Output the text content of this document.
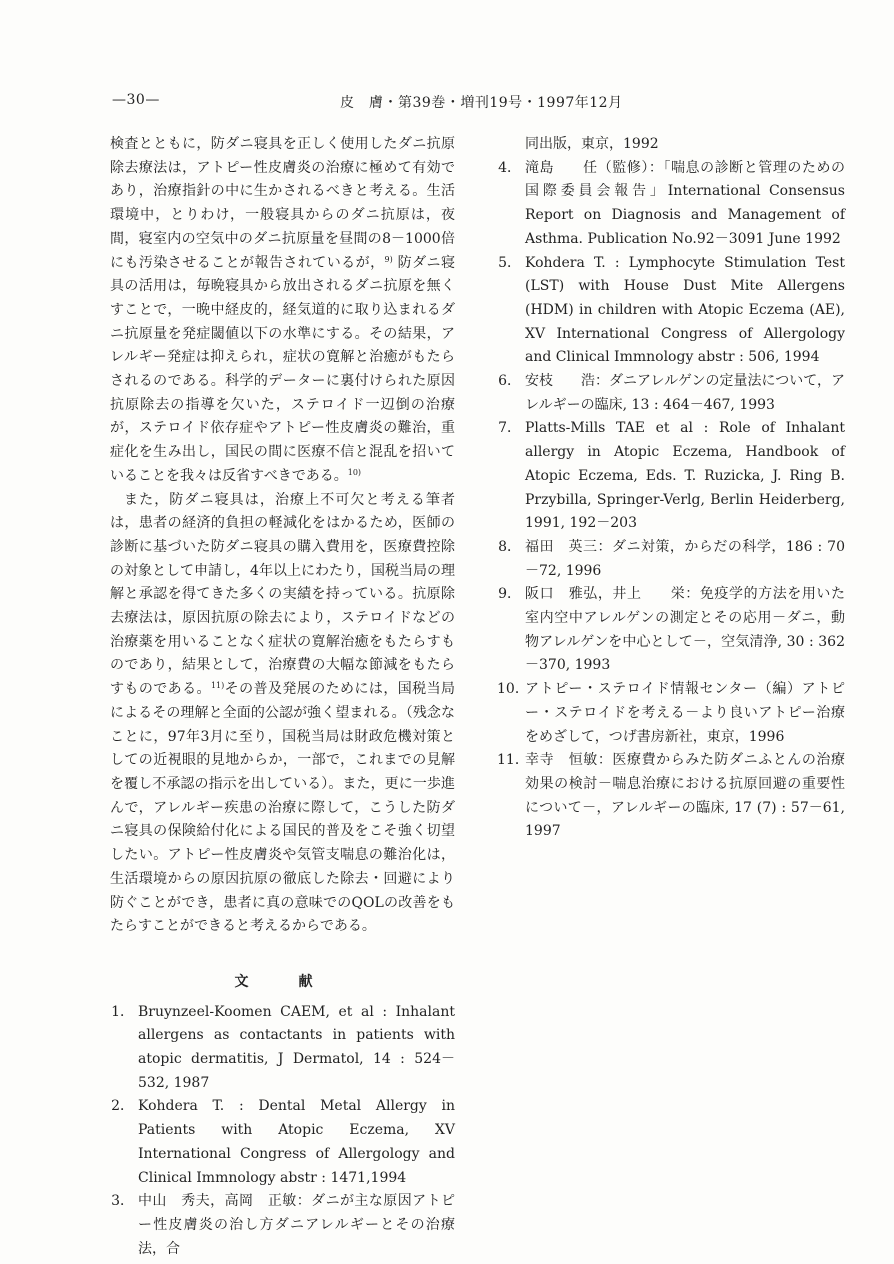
—30—	皮　膚・第39巻・増刊19号・1997年12月

検査とともに，防ダニ寝具を正しく使用したダニ抗原除去療法は，アトピー性皮膚炎の治療に極めて有効であり，治療指針の中に生かされるべきと考える。生活環境中，とりわけ，一般寝具からのダニ抗原は，夜間，寝室内の空気中のダニ抗原量を昼間の8－1000倍にも汚染させることが報告されているが，$^{9)}$ 防ダニ寝具の活用は，毎晩寝具から放出されるダニ抗原を無くすことで，一晩中経皮的，経気道的に取り込まれるダニ抗原量を発症閾値以下の水準にする。その結果，アレルギー発症は抑えられ，症状の寛解と治癒がもたらされるのである。科学的データーに裏付けられた原因抗原除去の指導を欠いた，ステロイド一辺倒の治療が，ステロイド依存症やアトピー性皮膚炎の難治，重症化を生み出し，国民の間に医療不信と混乱を招いていることを我々は反省すべきである。$^{10)}$

また，防ダニ寝具は，治療上不可欠と考える筆者は，患者の経済的負担の軽減化をはかるため，医師の診断に基づいた防ダニ寝具の購入費用を，医療費控除の対象として申請し，4年以上にわたり，国税当局の理解と承認を得てきた多くの実績を持っている。抗原除去療法は，原因抗原の除去により，ステロイドなどの治療薬を用いることなく症状の寛解治癒をもたらすものであり，結果として，治療費の大幅な節減をもたらすものである。$^{11)}$その普及発展のためには，国税当局によるその理解と全面的公認が強く望まれる。（残念なことに，97年3月に至り，国税当局は財政危機対策としての近視眼的見地からか，一部で，これまでの見解を覆し不承認の指示を出している）。また，更に一歩進んで，アレルギー疾患の治療に際して，こうした防ダニ寝具の保険給付化による国民的普及をこそ強く切望したい。アトピー性皮膚炎や気管支喘息の難治化は，生活環境からの原因抗原の徹底した除去・回避により防ぐことができ，患者に真の意味でのQOLの改善をもたらすことができると考えるからである。

文　献
1． Bruynzeel-Koomen CAEM, et al : Inhalant allergens as contactants in patients with atopic dermatitis, J Dermatol, 14 : 524－532, 1987
2． Kohdera T. : Dental Metal Allergy in Patients with Atopic Eczema, XV International Congress of Allergology and Clinical Immnology abstr : 1471,1994
3． 中山　秀夫，高岡　正敏：ダニが主な原因アトピー性皮膚炎の治し方ダニアレルギーとその治療法，合
同出版，東京，1992
4． 滝島　　任（監修）：「喘息の診断と管理のための国際委員会報告」International Consensus Report on Diagnosis and Management of Asthma. Publication No.92－3091 June 1992
5． Kohdera T. : Lymphocyte Stimulation Test (LST) with House Dust Mite Allergens (HDM) in children with Atopic Eczema (AE), XV International Congress of Allergology and Clinical Immnology abstr : 506, 1994
6． 安枝　　浩：ダニアレルゲンの定量法について，アレルギーの臨床, 13 : 464－467, 1993
7． Platts-Mills TAE et al : Role of Inhalant allergy in Atopic Eczema, Handbook of Atopic Eczema, Eds. T. Ruzicka, J. Ring B. Przybilla, Springer-Verlg, Berlin Heiderberg, 1991, 192－203
8． 福田　英三：ダニ対策，からだの科学，186 : 70－72, 1996
9． 阪口　雅弘，井上　　栄：免疫学的方法を用いた室内空中アレルゲンの測定とその応用－ダニ，動物アレルゲンを中心として－，空気清浄, 30 : 362－370, 1993
10．
アトピー・ステロイド情報センター（編）アトピー・ステロイドを考える－より良いアトピー治療をめざして，つげ書房新社，東京，1996
11．
幸寺　恒敏：医療費からみた防ダニふとんの治療効果の検討－喘息治療における抗原回避の重要性について－，アレルギーの臨床, 17 (7) : 57－61, 1997
